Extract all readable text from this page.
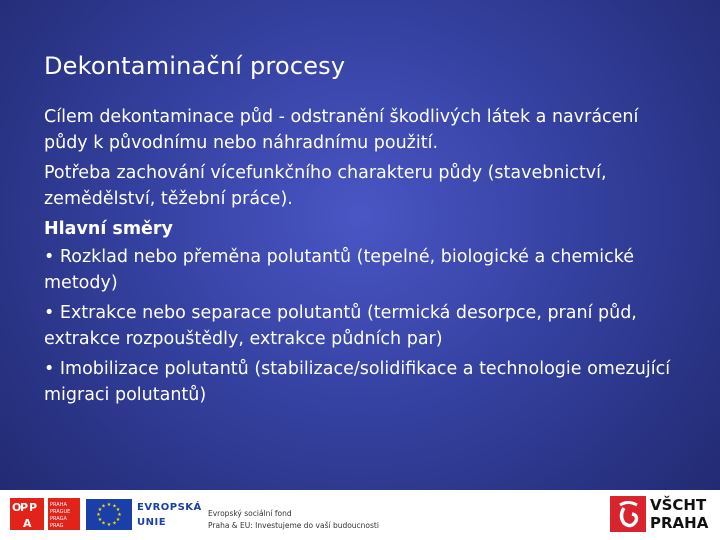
Dekontaminační procesy

Cílem dekontaminace půd - odstranění škodlivých látek a navrácení půdy k původnímu nebo náhradnímu použití.

Potřeba zachování vícefunkčního charakteru půdy (stavebnictví, zemědělství, těžební práce).

Hlavní směry

• Rozklad nebo přeměna polutantů (tepelné, biologické a chemické metody)

• Extrakce nebo separace polutantů (termická desorpce, praní půd, extrakce rozpouštědly, extrakce půdních par)

• Imobilizace polutantů (stabilizace/solidifikace a technologie omezující migraci polutantů)

O
P P
A
PRAHA
PRAGUE
PRAGA
PRAG
★ ★
★
★
★
★
★
★
★
★
★
★	EVROPSKÁ
UNIE
Evropský sociální fond
Praha & EU: Investujeme do vaší budoucnosti
VŠCHT
PRAHA
